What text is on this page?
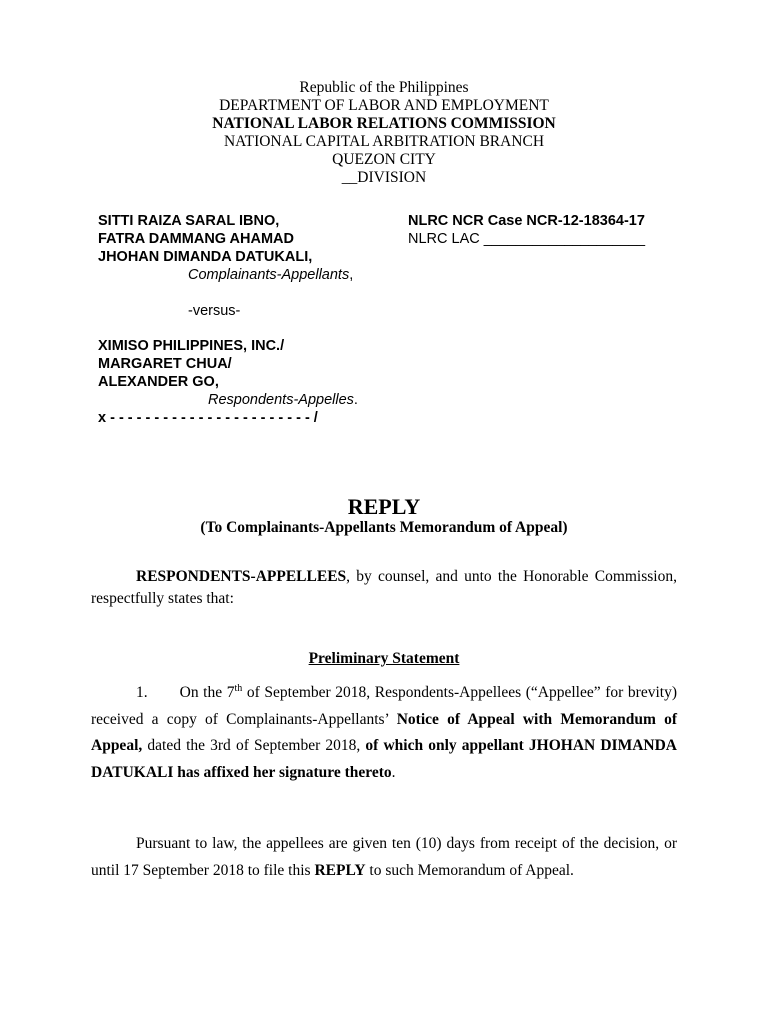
Republic of the Philippines
DEPARTMENT OF LABOR AND EMPLOYMENT
NATIONAL LABOR RELATIONS COMMISSION
NATIONAL CAPITAL ARBITRATION BRANCH
QUEZON CITY
__DIVISION
SITTI RAIZA SARAL IBNO,
FATRA DAMMANG AHAMAD
JHOHAN DIMANDA DATUKALI,
Complainants-Appellants,
NLRC NCR Case NCR-12-18364-17
NLRC LAC ____________________
-versus-
XIMISO PHILIPPINES, INC./
MARGARET CHUA/
ALEXANDER GO,
Respondents-Appelles.
x - - - - - - - - - - - - - - - - - - - - - - - /
REPLY
(To Complainants-Appellants Memorandum of Appeal)
RESPONDENTS-APPELLEES, by counsel, and unto the Honorable Commission, respectfully states that:
Preliminary Statement
1. On the 7th of September 2018, Respondents-Appellees (“Appellee” for brevity) received a copy of Complainants-Appellants’ Notice of Appeal with Memorandum of Appeal, dated the 3rd of September 2018, of which only appellant JHOHAN DIMANDA DATUKALI has affixed her signature thereto.
Pursuant to law, the appellees are given ten (10) days from receipt of the decision, or until 17 September 2018 to file this REPLY to such Memorandum of Appeal.
